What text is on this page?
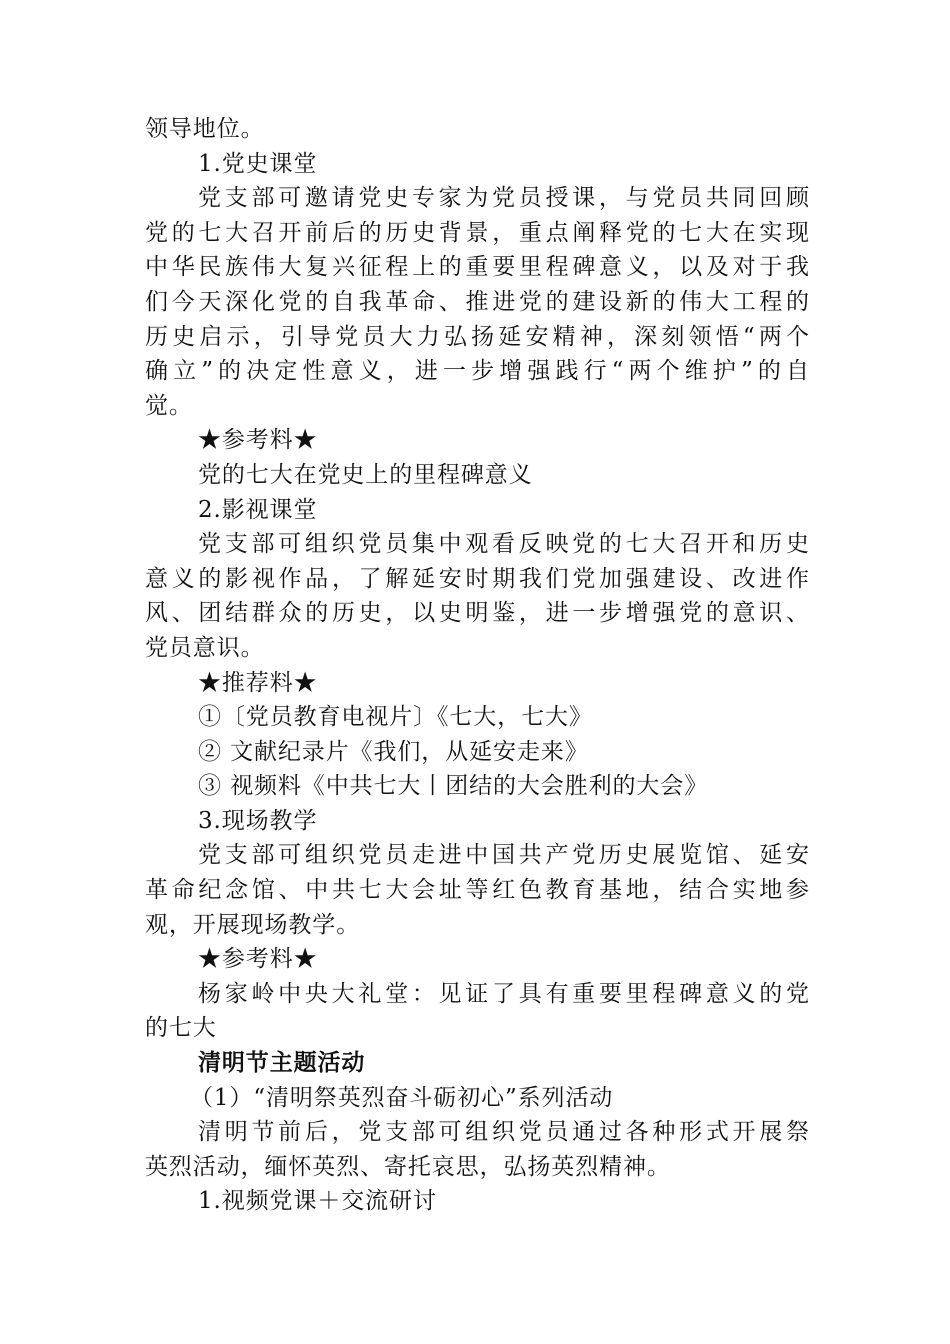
领导地位。
1.党史课堂
党支部可邀请党史专家为党员授课，与党员共同回顾
党的七大召开前后的历史背景，重点阐释党的七大在实现
中华民族伟大复兴征程上的重要里程碑意义，以及对于我
们今天深化党的自我革命、推进党的建设新的伟大工程的
历史启示，引导党员大力弘扬延安精神，深刻领悟“两个
确立”的决定性意义，进一步增强践行“两个维护”的自
觉。
★参考料★
党的七大在党史上的里程碑意义
2.影视课堂
党支部可组织党员集中观看反映党的七大召开和历史
意义的影视作品，了解延安时期我们党加强建设、改进作
风、团结群众的历史，以史明鉴，进一步增强党的意识、
党员意识。
★推荐料★
①〔党员教育电视片〕《七大，七大》
② 文献纪录片《我们，从延安走来》
③ 视频料《中共七大丨团结的大会胜利的大会》
3.现场教学
党支部可组织党员走进中国共产党历史展览馆、延安
革命纪念馆、中共七大会址等红色教育基地，结合实地参
观，开展现场教学。
★参考料★
杨家岭中央大礼堂：见证了具有重要里程碑意义的党
的七大
清明节主题活动
（1）“清明祭英烈奋斗砺初心”系列活动
清明节前后，党支部可组织党员通过各种形式开展祭
英烈活动，缅怀英烈、寄托哀思，弘扬英烈精神。
1.视频党课＋交流研讨
